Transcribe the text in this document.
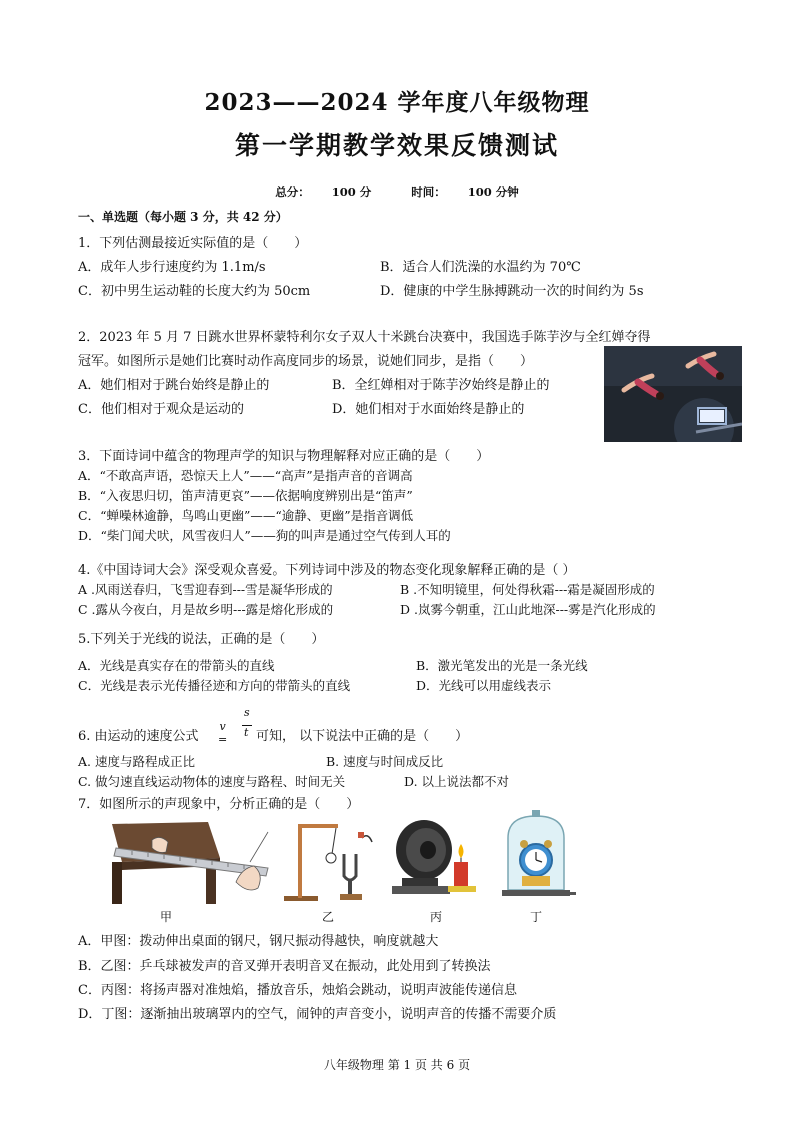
2023——2024 学年度八年级物理
第一学期教学效果反馈测试
总分： 100 分	时间： 100 分钟
一、单选题（每小题 3 分，共 42 分）
1．下列估测最接近实际值的是（　　）
A．成年人步行速度约为 1.1m/s	B．适合人们洗澡的水温约为 70℃
C．初中男生运动鞋的长度大约为 50cm	D．健康的中学生脉搏跳动一次的时间约为 5s
2．2023 年 5 月 7 日跳水世界杯蒙特利尔女子双人十米跳台决赛中，我国选手陈芋汐与全红婵夺得
冠军。如图所示是她们比赛时动作高度同步的场景，说她们同步，是指（　　）
A．她们相对于跳台始终是静止的	B．全红婵相对于陈芋汐始终是静止的
C．他们相对于观众是运动的	D．她们相对于水面始终是静止的
3．下面诗词中蕴含的物理声学的知识与物理解释对应正确的是（　　）
A．“不敢高声语，恐惊天上人”——“高声”是指声音的音调高
B．“入夜思归切，笛声清更哀”——依据响度辨别出是“笛声”
C．“蝉噪林逾静，鸟鸣山更幽”——“逾静、更幽”是指音调低
D．“柴门闻犬吠，风雪夜归人”——狗的叫声是通过空气传到人耳的
4.《中国诗词大会》深受观众喜爱。下列诗词中涉及的物态变化现象解释正确的是（ ）
A .风雨送春归，飞雪迎春到---雪是凝华形成的	B .不知明镜里，何处得秋霜---霜是凝固形成的
C .露从今夜白，月是故乡明---露是熔化形成的	D .岚雾今朝重，江山此地深---雾是汽化形成的
5.下列关于光线的说法，正确的是（　　）
A．光线是真实存在的带箭头的直线	B．激光笔发出的光是一条光线
C．光线是表示光传播径迹和方向的带箭头的直线	D．光线可以用虚线表示
6. 由运动的速度公式
v =
s
t 可知， 以下说法中正确的是（　　）
A. 速度与路程成正比	B. 速度与时间成反比
C. 做匀速直线运动物体的速度与路程、时间无关	D. 以上说法都不对
7．如图所示的声现象中，分析正确的是（　　）
甲	乙	丙	丁
A．甲图：拨动伸出桌面的钢尺，钢尺振动得越快，响度就越大
B．乙图：乒乓球被发声的音叉弹开表明音叉在振动，此处用到了转换法
C．丙图：将扬声器对准烛焰，播放音乐，烛焰会跳动，说明声波能传递信息
D．丁图：逐渐抽出玻璃罩内的空气，闹钟的声音变小，说明声音的传播不需要介质
八年级物理 第 1 页 共 6 页
